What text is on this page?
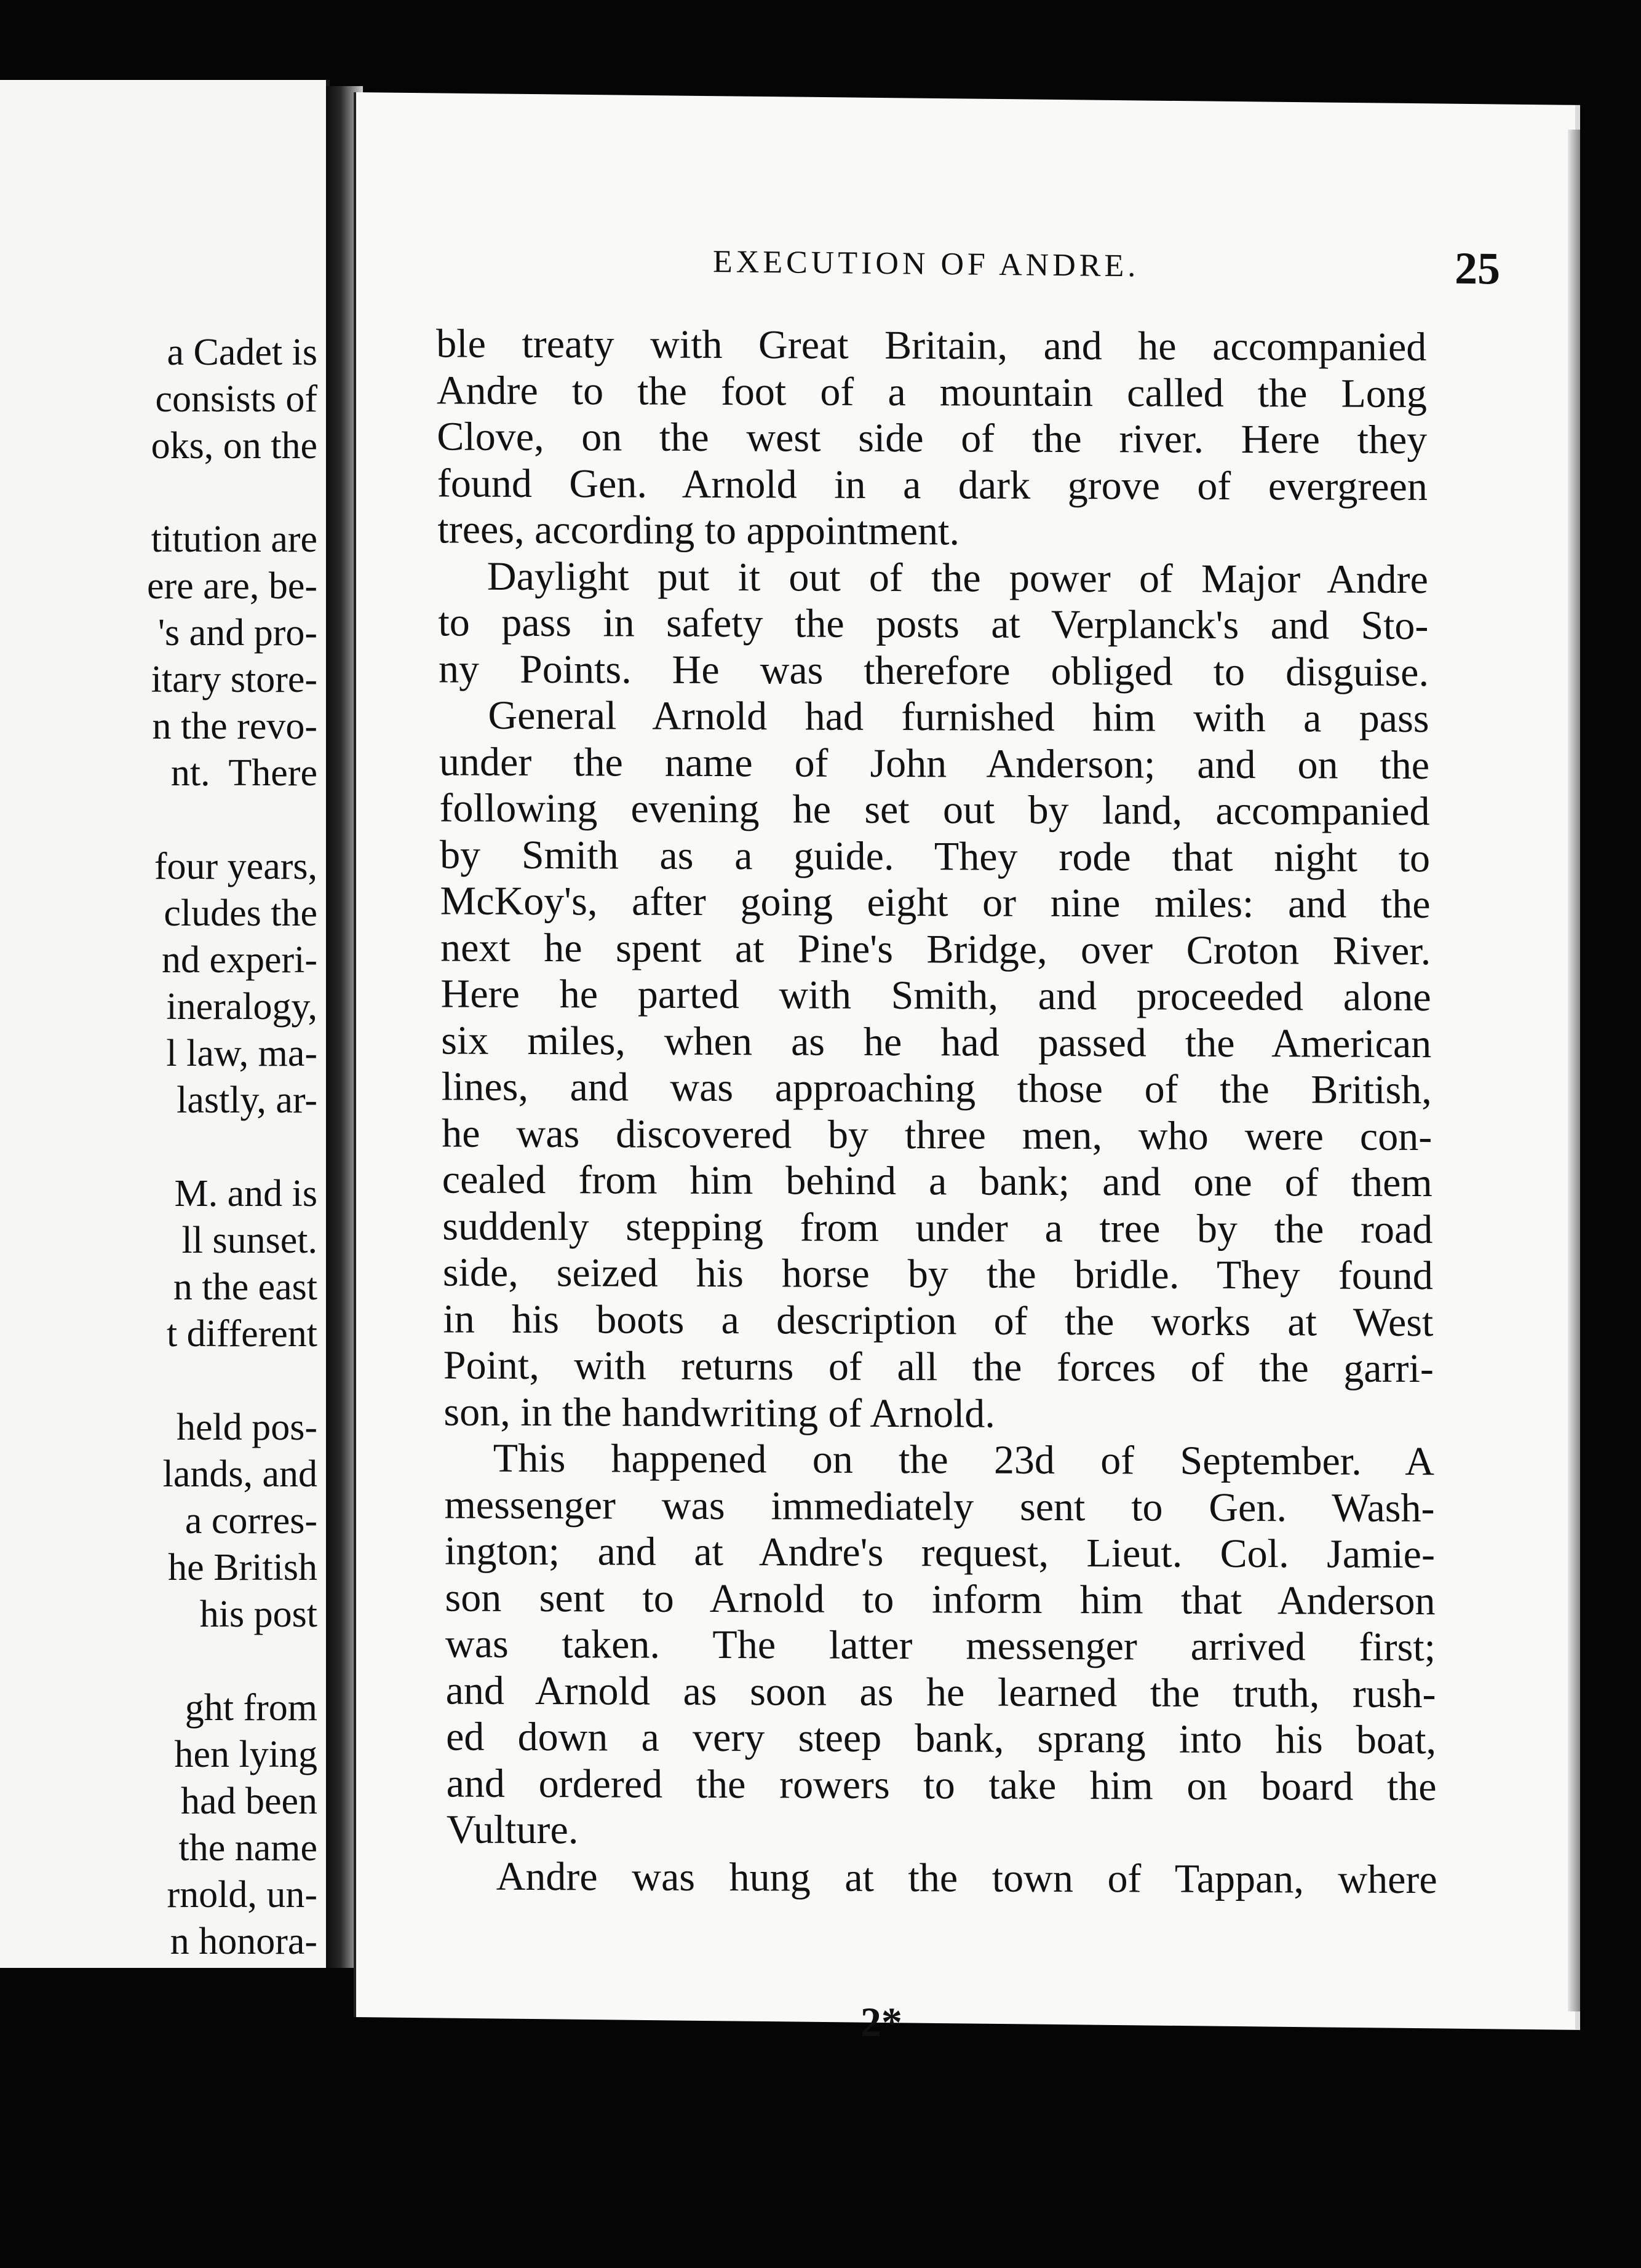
a Cadet is
consists of
oks, on the
titution are
ere are, be-
's and pro-
itary store-
n the revo-
nt.  There
four years,
cludes the
nd experi-
ineralogy,
l law, ma-
lastly, ar-
M. and is
ll sunset.
n the east
t different
held pos-
lands, and
a corres-
he British
his post
ght from
hen lying
had been
the name
rnold, un-
n honora-
EXECUTION OF ANDRE.	25
ble treaty with Great Britain, and he accompanied
Andre to the foot of a mountain called the Long
Clove, on the west side of the river. Here they
found Gen. Arnold in a dark grove of evergreen
trees, according to appointment.
Daylight put it out of the power of Major Andre
to pass in safety the posts at Verplanck's and Sto-
ny Points. He was therefore obliged to disguise.
General Arnold had furnished him with a pass
under the name of John Anderson; and on the
following evening he set out by land, accompanied
by Smith as a guide. They rode that night to
McKoy's, after going eight or nine miles: and the
next he spent at Pine's Bridge, over Croton River.
Here he parted with Smith, and proceeded alone
six miles, when as he had passed the American
lines, and was approaching those of the British,
he was discovered by three men, who were con-
cealed from him behind a bank; and one of them
suddenly stepping from under a tree by the road
side, seized his horse by the bridle. They found
in his boots a description of the works at West
Point, with returns of all the forces of the garri-
son, in the handwriting of Arnold.
This happened on the 23d of September. A
messenger was immediately sent to Gen. Wash-
ington; and at Andre's request, Lieut. Col. Jamie-
son sent to Arnold to inform him that Anderson
was taken. The latter messenger arrived first;
and Arnold as soon as he learned the truth, rush-
ed down a very steep bank, sprang into his boat,
and ordered the rowers to take him on board the
Vulture.
Andre was hung at the town of Tappan, where
2*
